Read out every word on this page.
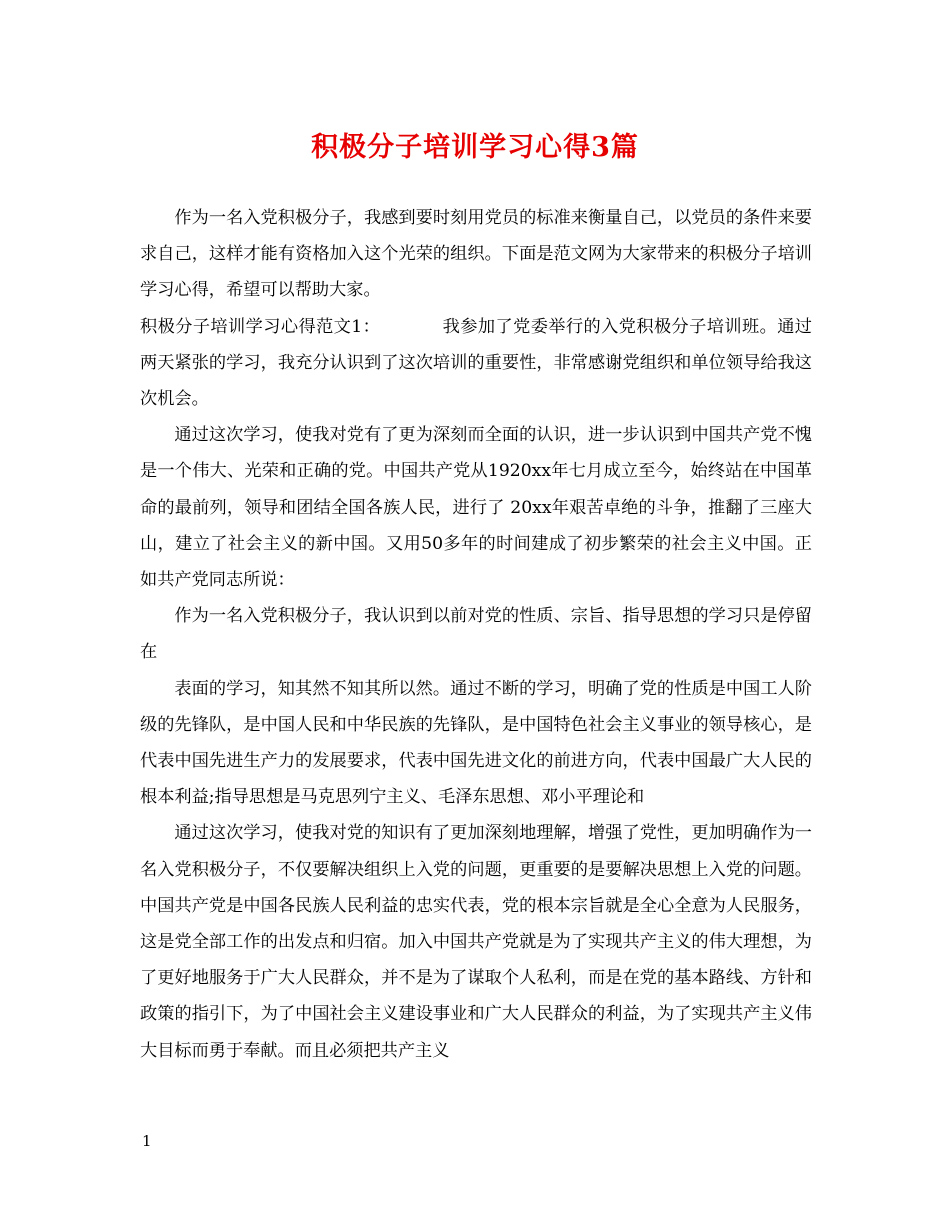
积极分子培训学习心得3篇

作为一名入党积极分子，我感到要时刻用党员的标准来衡量自己，以党员的条件来要求自己，这样才能有资格加入这个光荣的组织。下面是范文网为大家带来的积极分子培训学习心得，希望可以帮助大家。

积极分子培训学习心得范文1：	我参加了党委举行的入党积极分子培训班。通过两天紧张的学习，我充分认识到了这次培训的重要性，非常感谢党组织和单位领导给我这次机会。

通过这次学习，使我对党有了更为深刻而全面的认识，进一步认识到中国共产党不愧是一个伟大、光荣和正确的党。中国共产党从1920xx年七月成立至今，始终站在中国革命的最前列，领导和团结全国各族人民，进行了 20xx年艰苦卓绝的斗争，推翻了三座大山，建立了社会主义的新中国。又用50多年的时间建成了初步繁荣的社会主义中国。正如共产党同志所说：

作为一名入党积极分子，我认识到以前对党的性质、宗旨、指导思想的学习只是停留在

表面的学习，知其然不知其所以然。通过不断的学习，明确了党的性质是中国工人阶级的先锋队，是中国人民和中华民族的先锋队，是中国特色社会主义事业的领导核心，是代表中国先进生产力的发展要求，代表中国先进文化的前进方向，代表中国最广大人民的根本利益;指导思想是马克思列宁主义、毛泽东思想、邓小平理论和

通过这次学习，使我对党的知识有了更加深刻地理解，增强了党性，更加明确作为一名入党积极分子，不仅要解决组织上入党的问题，更重要的是要解决思想上入党的问题。中国共产党是中国各民族人民利益的忠实代表，党的根本宗旨就是全心全意为人民服务，这是党全部工作的出发点和归宿。加入中国共产党就是为了实现共产主义的伟大理想，为了更好地服务于广大人民群众，并不是为了谋取个人私利，而是在党的基本路线、方针和政策的指引下，为了中国社会主义建设事业和广大人民群众的利益，为了实现共产主义伟大目标而勇于奉献。而且必须把共产主义

1
